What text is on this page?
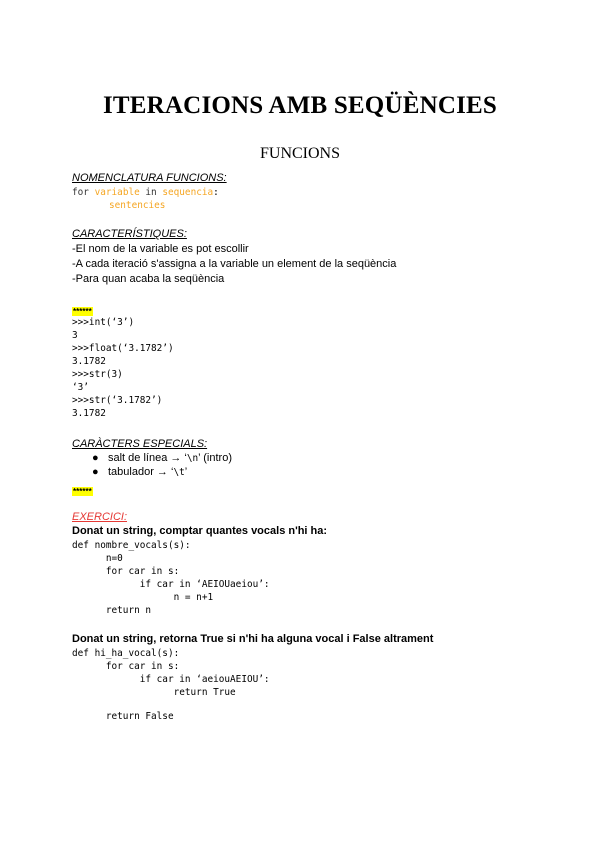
ITERACIONS AMB SEQÜÈNCIES
FUNCIONS
NOMENCLATURA FUNCIONS:
for variable in sequencia:
sentencies
CARACTERÍSTIQUES:
-El nom de la variable es pot escollir
-A cada iteració s'assigna a la variable un element de la seqüència
-Para quan acaba la seqüència
******
>>>int(‘3’)
3
>>>float(‘3.1782’)
3.1782
>>>str(3)
‘3’
>>>str(‘3.1782’)
3.1782
CARÀCTERS ESPECIALS:
● salt de línea → ‘\n’ (intro)
● tabulador → ‘\t’
******
EXERCICI:
Donat un string, comptar quantes vocals n'hi ha:
def nombre_vocals(s):
n=0
for car in s:
if car in ‘AEIOUaeiou’:
n = n+1
return n
Donat un string, retorna True si n'hi ha alguna vocal i False altrament
def hi_ha_vocal(s):
for car in s:
if car in ‘aeiouAEIOU’:
return True
return False
